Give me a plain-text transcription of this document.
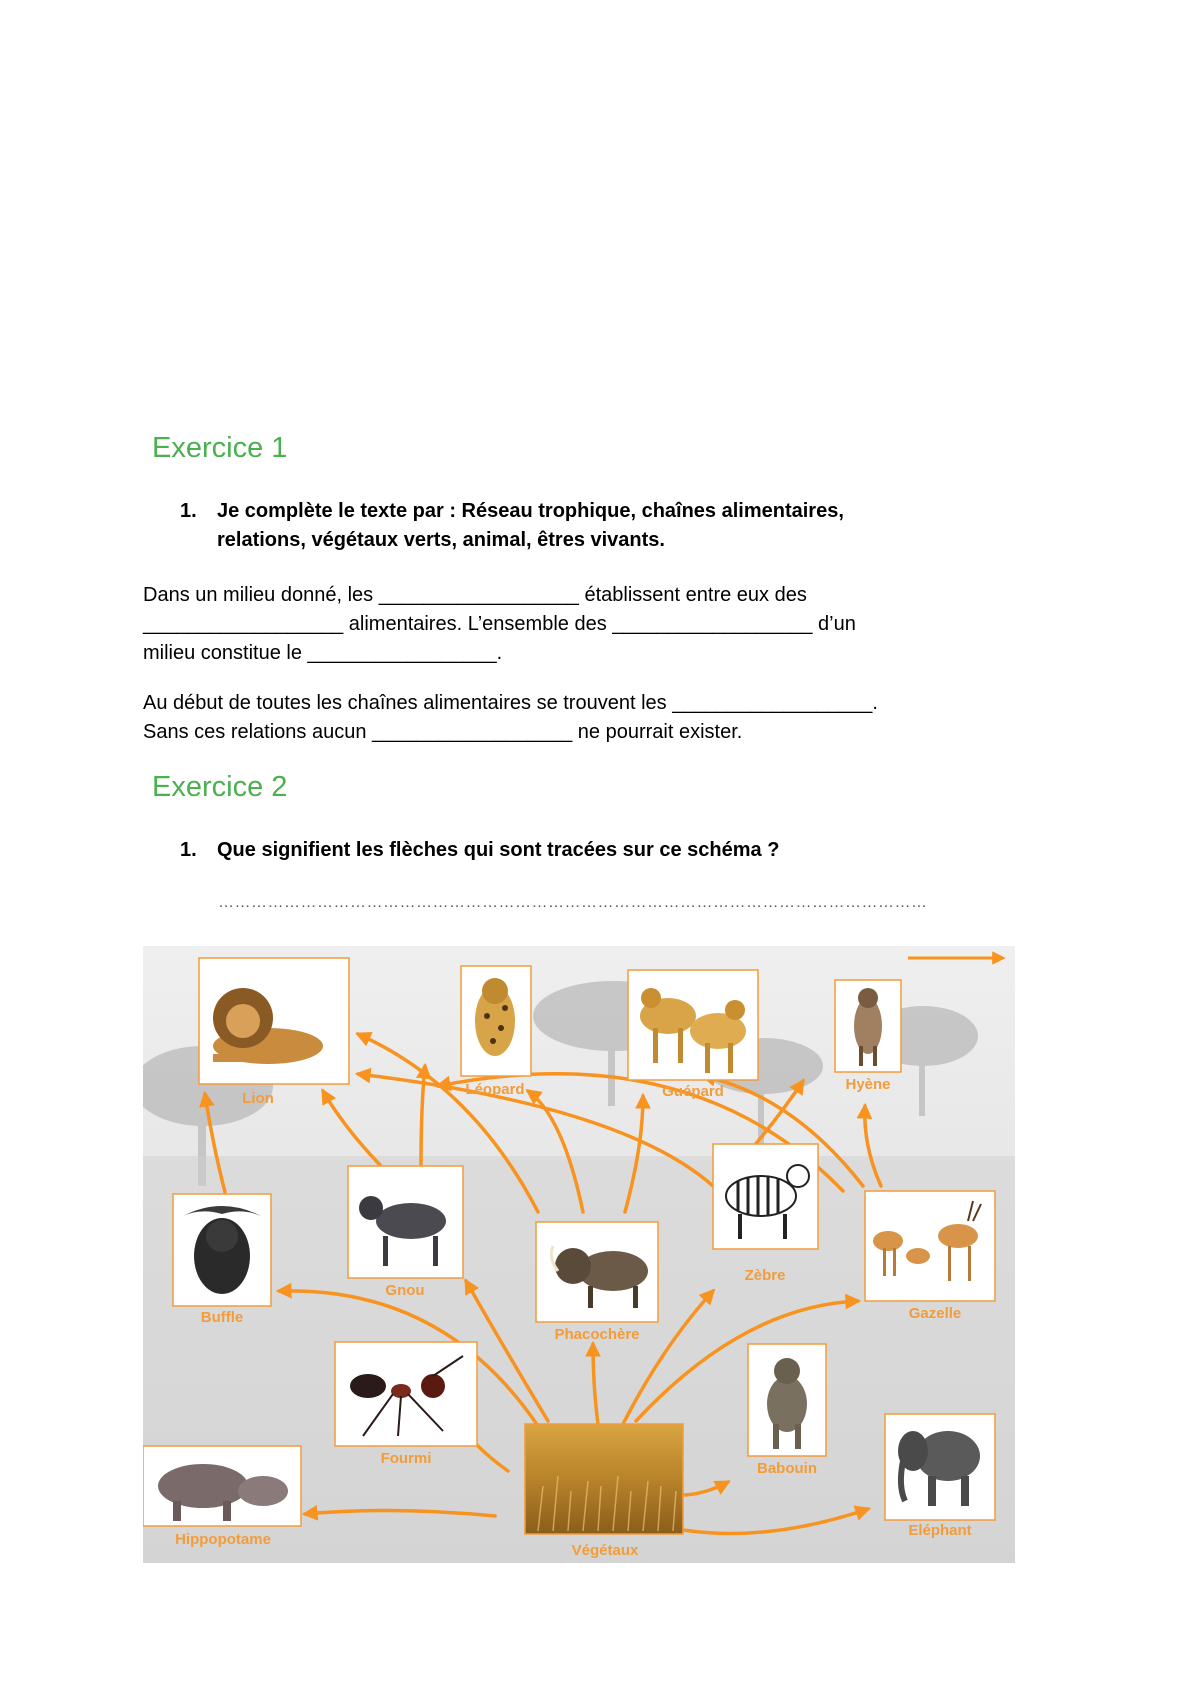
Exercice 1
1. Je complète le texte par : Réseau trophique, chaînes alimentaires,
relations, végétaux verts, animal, êtres vivants.
Dans un milieu donné, les __________________ établissent entre eux des
__________________ alimentaires. L’ensemble des __________________ d’un
milieu constitue le _________________.
Au début de toutes les chaînes alimentaires se trouvent les __________________.
Sans ces relations aucun __________________ ne pourrait exister.
Exercice 2
1. Que signifient les flèches qui sont tracées sur ce schéma ?
…………………………………………………………………………………………………………………
Lion
Léopard	Guépard	Hyène
Buffle
Gnou
Phacochère
Zèbre
Gazelle
Fourmi
Babouin
Hippopotame
Végétaux
Eléphant
